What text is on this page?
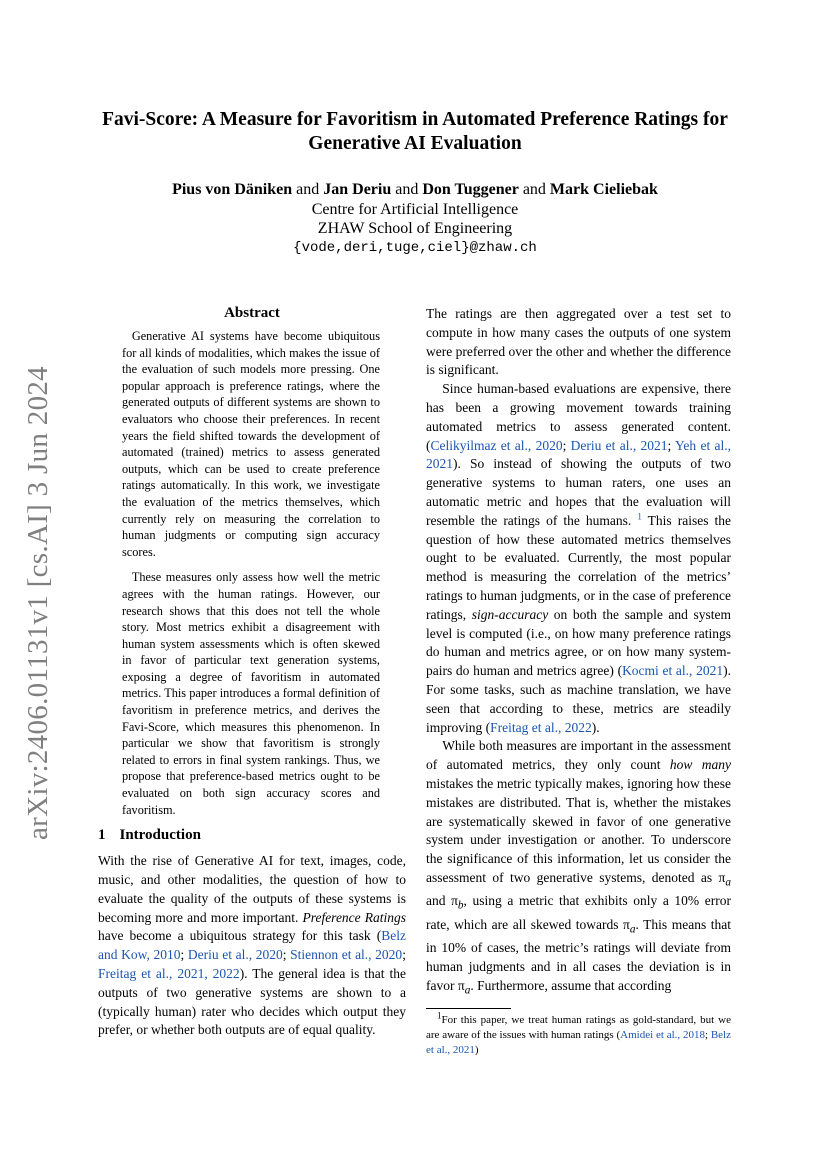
arXiv:2406.01131v1 [cs.AI] 3 Jun 2024
Favi-Score: A Measure for Favoritism in Automated Preference Ratings for Generative AI Evaluation
Pius von Däniken and Jan Deriu and Don Tuggener and Mark Cieliebak
Centre for Artificial Intelligence
ZHAW School of Engineering
{vode,deri,tuge,ciel}@zhaw.ch
Abstract

Generative AI systems have become ubiquitous for all kinds of modalities, which makes the issue of the evaluation of such models more pressing. One popular approach is preference ratings, where the generated outputs of different systems are shown to evaluators who choose their preferences. In recent years the field shifted towards the development of automated (trained) metrics to assess generated outputs, which can be used to create preference ratings automatically. In this work, we investigate the evaluation of the metrics themselves, which currently rely on measuring the correlation to human judgments or computing sign accuracy scores.

These measures only assess how well the metric agrees with the human ratings. However, our research shows that this does not tell the whole story. Most metrics exhibit a disagreement with human system assessments which is often skewed in favor of particular text generation systems, exposing a degree of favoritism in automated metrics. This paper introduces a formal definition of favoritism in preference metrics, and derives the Favi-Score, which measures this phenomenon. In particular we show that favoritism is strongly related to errors in final system rankings. Thus, we propose that preference-based metrics ought to be evaluated on both sign accuracy scores and favoritism.

1 Introduction

With the rise of Generative AI for text, images, code, music, and other modalities, the question of how to evaluate the quality of the outputs of these systems is becoming more and more important. Preference Ratings have become a ubiquitous strategy for this task (Belz and Kow, 2010; Deriu et al., 2020; Stiennon et al., 2020; Freitag et al., 2021, 2022). The general idea is that the outputs of two generative systems are shown to a (typically human) rater who decides which output they prefer, or whether both outputs are of equal quality.

The ratings are then aggregated over a test set to compute in how many cases the outputs of one system were preferred over the other and whether the difference is significant.

Since human-based evaluations are expensive, there has been a growing movement towards training automated metrics to assess generated content. (Celikyilmaz et al., 2020; Deriu et al., 2021; Yeh et al., 2021). So instead of showing the outputs of two generative systems to human raters, one uses an automatic metric and hopes that the evaluation will resemble the ratings of the humans. $^1$ This raises the question of how these automated metrics themselves ought to be evaluated. Currently, the most popular method is measuring the correlation of the metrics’ ratings to human judgments, or in the case of preference ratings, sign-accuracy on both the sample and system level is computed (i.e., on how many preference ratings do human and metrics agree, or on how many system-pairs do human and metrics agree) (Kocmi et al., 2021). For some tasks, such as machine translation, we have seen that according to these, metrics are steadily improving (Freitag et al., 2022).

While both measures are important in the assessment of automated metrics, they only count how many mistakes the metric typically makes, ignoring how these mistakes are distributed. That is, whether the mistakes are systematically skewed in favor of one generative system under investigation or another. To underscore the significance of this information, let us consider the assessment of two generative systems, denoted as $\pi_a$ and $\pi_b$, using a metric that exhibits only a 10% error rate, which are all skewed towards $\pi_a$. This means that in 10% of cases, the metric’s ratings will deviate from human judgments and in all cases the deviation is in favor $\pi_a$. Furthermore, assume that according

$^1$For this paper, we treat human ratings as gold-standard, but we are aware of the issues with human ratings (Amidei et al., 2018; Belz et al., 2021)
